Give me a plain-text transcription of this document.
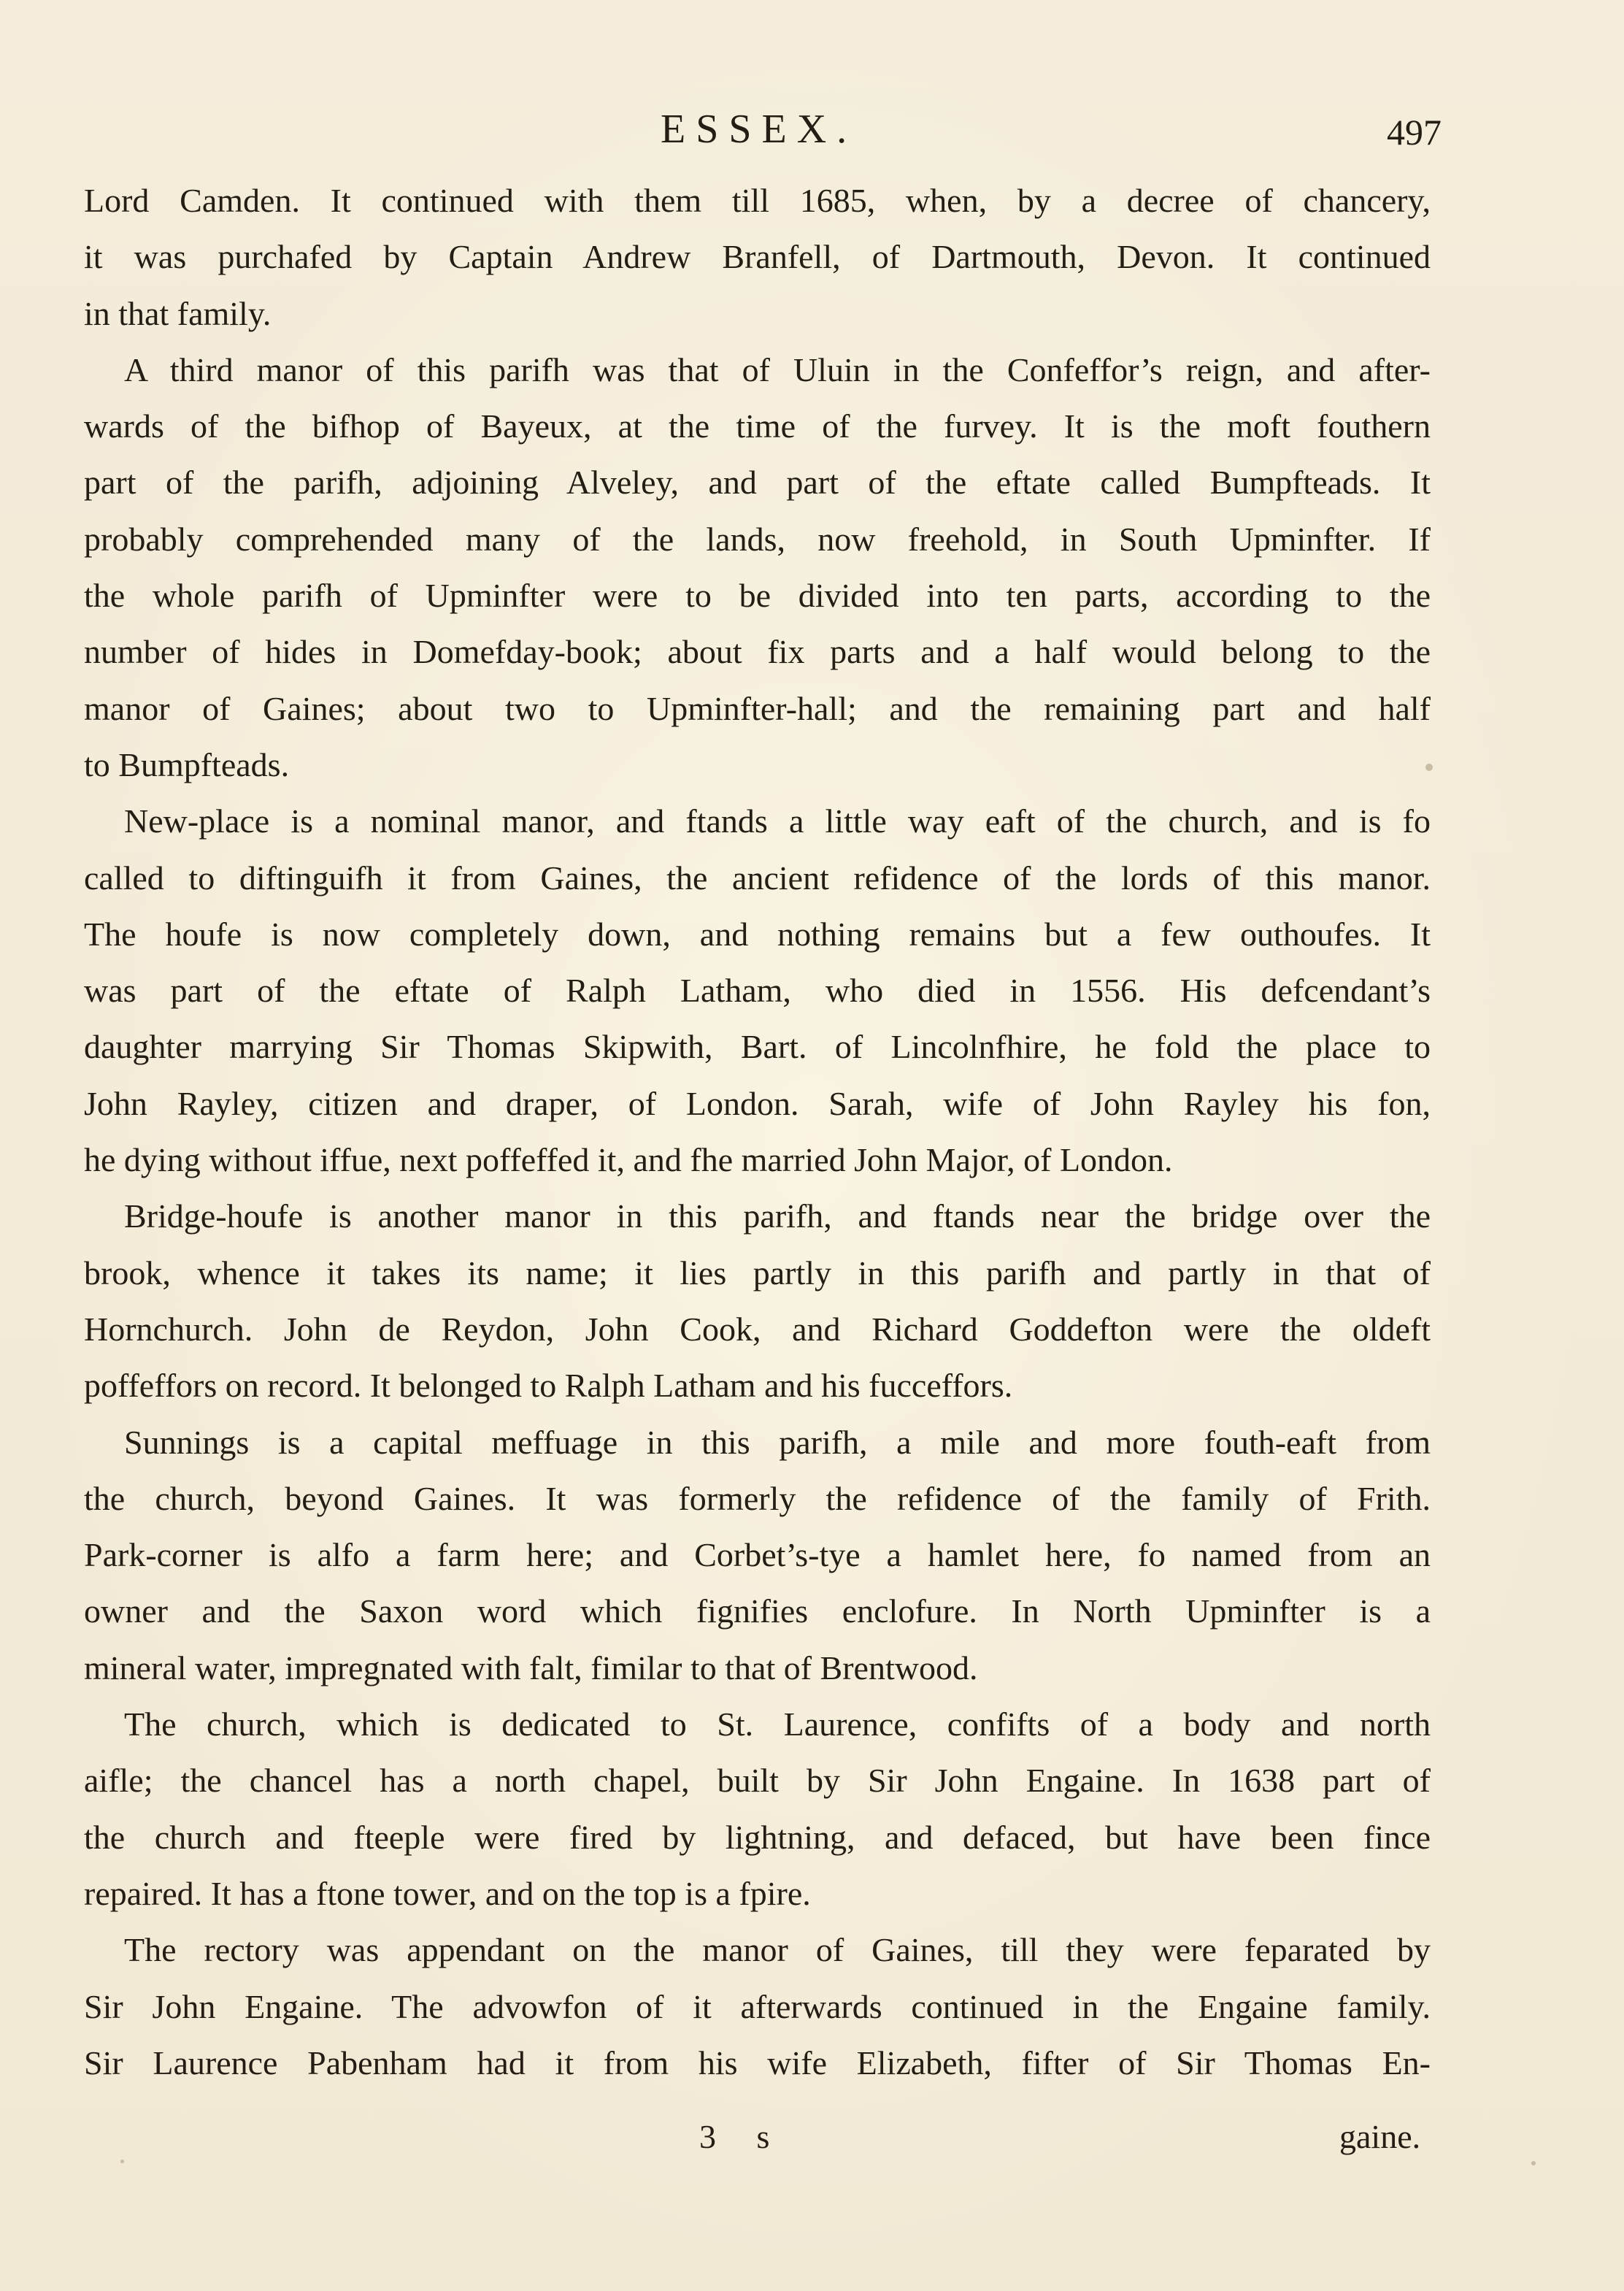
ESSEX.	497
Lord Camden. It continued with them till 1685, when, by a decree of chancery,
it was purchafed by Captain Andrew Branfell, of Dartmouth, Devon. It continued
in that family.
A third manor of this parifh was that of Uluin in the Confeffor’s reign, and after-
wards of the bifhop of Bayeux, at the time of the furvey. It is the moft fouthern
part of the parifh, adjoining Alveley, and part of the eftate called Bumpfteads. It
probably comprehended many of the lands, now freehold, in South Upminfter. If
the whole parifh of Upminfter were to be divided into ten parts, according to the
number of hides in Domefday-book; about fix parts and a half would belong to the
manor of Gaines; about two to Upminfter-hall; and the remaining part and half
to Bumpfteads.
New-place is a nominal manor, and ftands a little way eaft of the church, and is fo
called to diftinguifh it from Gaines, the ancient refidence of the lords of this manor.
The houfe is now completely down, and nothing remains but a few outhoufes. It
was part of the eftate of Ralph Latham, who died in 1556. His defcendant’s
daughter marrying Sir Thomas Skipwith, Bart. of Lincolnfhire, he fold the place to
John Rayley, citizen and draper, of London. Sarah, wife of John Rayley his fon,
he dying without iffue, next poffeffed it, and fhe married John Major, of London.
Bridge-houfe is another manor in this parifh, and ftands near the bridge over the
brook, whence it takes its name; it lies partly in this parifh and partly in that of
Hornchurch. John de Reydon, John Cook, and Richard Goddefton were the oldeft
poffeffors on record. It belonged to Ralph Latham and his fucceffors.
Sunnings is a capital meffuage in this parifh, a mile and more fouth-eaft from
the church, beyond Gaines. It was formerly the refidence of the family of Frith.
Park-corner is alfo a farm here; and Corbet’s-tye a hamlet here, fo named from an
owner and the Saxon word which fignifies enclofure. In North Upminfter is a
mineral water, impregnated with falt, fimilar to that of Brentwood.
The church, which is dedicated to St. Laurence, confifts of a body and north
aifle; the chancel has a north chapel, built by Sir John Engaine. In 1638 part of
the church and fteeple were fired by lightning, and defaced, but have been fince
repaired. It has a ftone tower, and on the top is a fpire.
The rectory was appendant on the manor of Gaines, till they were feparated by
Sir John Engaine. The advowfon of it afterwards continued in the Engaine family.
Sir Laurence Pabenham had it from his wife Elizabeth, fifter of Sir Thomas En-
3 s	gaine.
